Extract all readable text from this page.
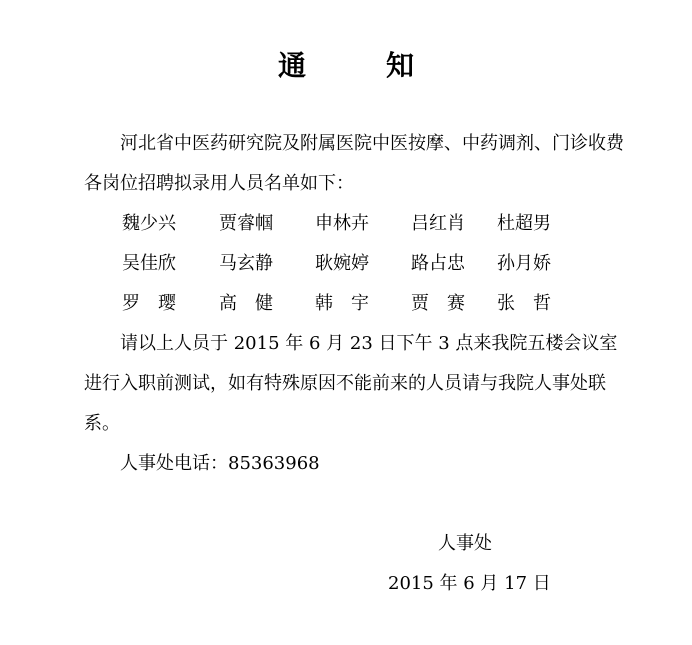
通知

河北省中医药研究院及附属医院中医按摩、中药调剂、门诊收费各岗位招聘拟录用人员名单如下：

魏少兴 贾睿帼 申林卉 吕红肖 杜超男
吴佳欣 马玄静 耿婉婷 路占忠 孙月娇
罗璎 高健 韩宇 贾赛 张哲

请以上人员于 2015 年 6 月 23 日下午 3 点来我院五楼会议室进行入职前测试，如有特殊原因不能前来的人员请与我院人事处联系。

人事处电话：85363968

人事处
2015 年 6 月 17 日
